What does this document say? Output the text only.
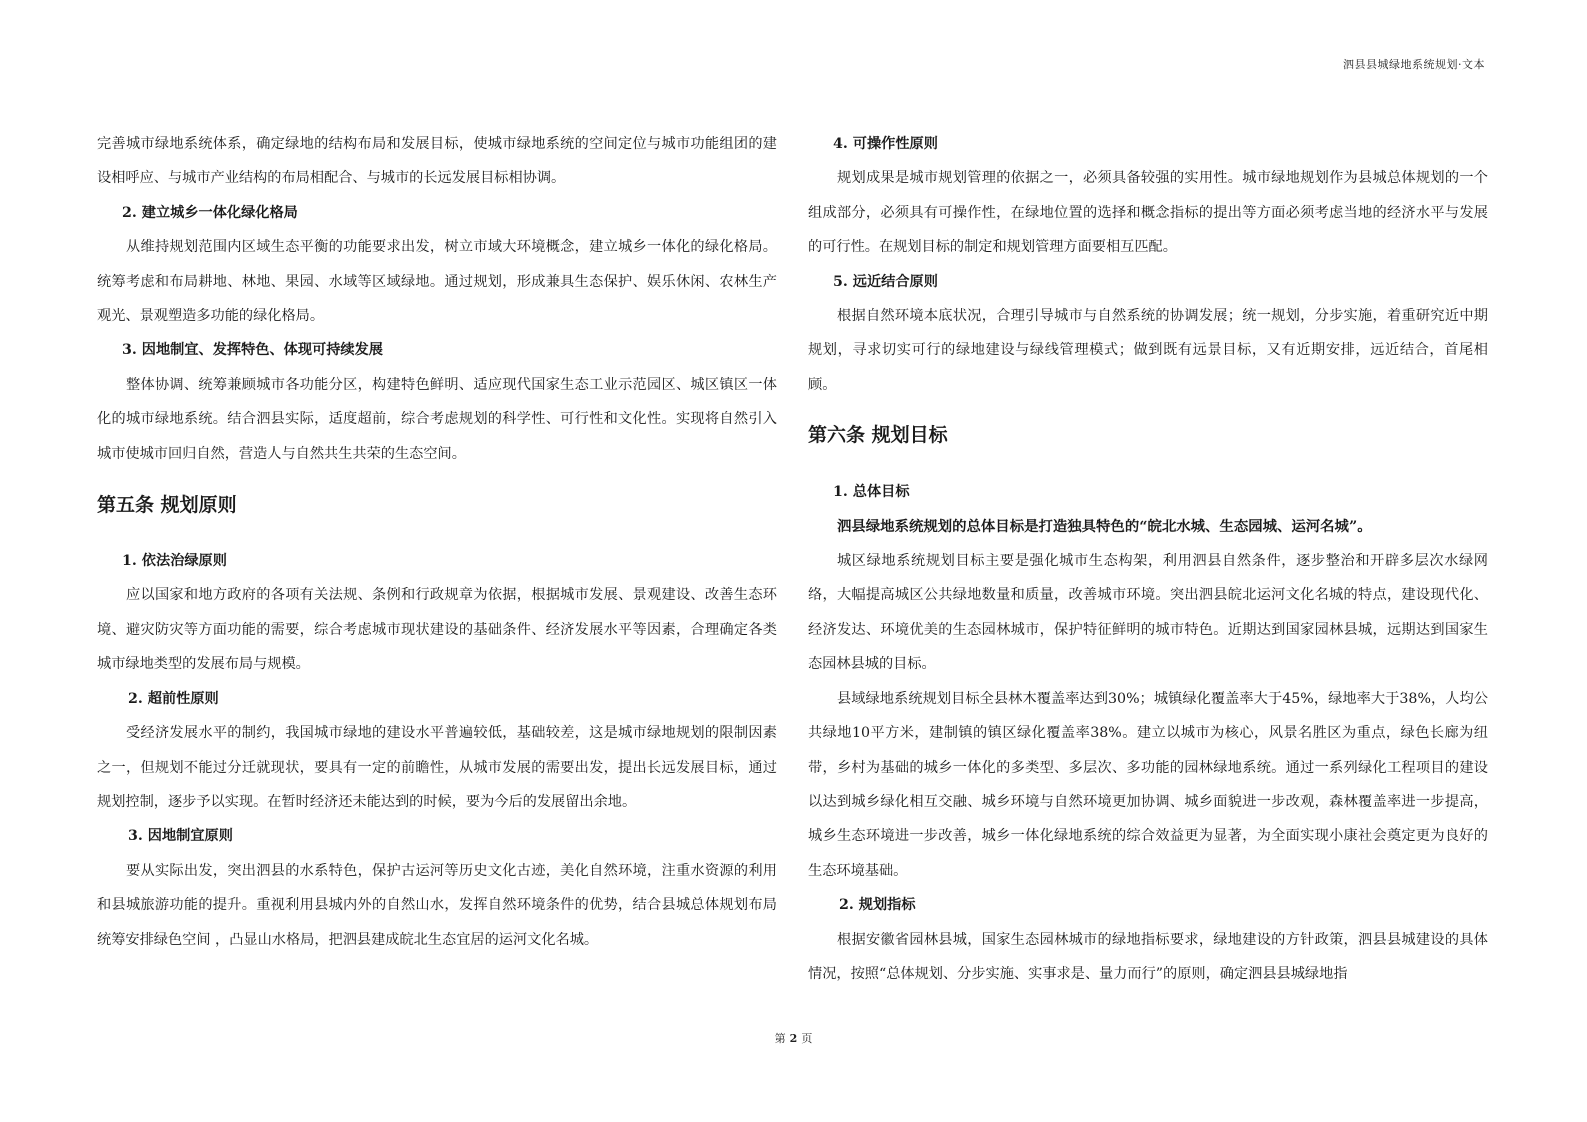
泗县县城绿地系统规划·文本

完善城市绿地系统体系，确定绿地的结构布局和发展目标，使城市绿地系统的空间定位与城市功能组团的建设相呼应、与城市产业结构的布局相配合、与城市的长远发展目标相协调。

2. 建立城乡一体化绿化格局

从维持规划范围内区域生态平衡的功能要求出发，树立市域大环境概念，建立城乡一体化的绿化格局。统筹考虑和布局耕地、林地、果园、水域等区域绿地。通过规划，形成兼具生态保护、娱乐休闲、农林生产观光、景观塑造多功能的绿化格局。

3. 因地制宜、发挥特色、体现可持续发展

整体协调、统筹兼顾城市各功能分区，构建特色鲜明、适应现代国家生态工业示范园区、城区镇区一体化的城市绿地系统。结合泗县实际，适度超前，综合考虑规划的科学性、可行性和文化性。实现将自然引入城市使城市回归自然，营造人与自然共生共荣的生态空间。

第五条 规划原则

1. 依法治绿原则

应以国家和地方政府的各项有关法规、条例和行政规章为依据，根据城市发展、景观建设、改善生态环境、避灾防灾等方面功能的需要，综合考虑城市现状建设的基础条件、经济发展水平等因素，合理确定各类城市绿地类型的发展布局与规模。

2. 超前性原则

受经济发展水平的制约，我国城市绿地的建设水平普遍较低，基础较差，这是城市绿地规划的限制因素之一，但规划不能过分迁就现状，要具有一定的前瞻性，从城市发展的需要出发，提出长远发展目标，通过规划控制，逐步予以实现。在暂时经济还未能达到的时候，要为今后的发展留出余地。

3. 因地制宜原则

要从实际出发，突出泗县的水系特色，保护古运河等历史文化古迹，美化自然环境，注重水资源的利用和县城旅游功能的提升。重视利用县城内外的自然山水，发挥自然环境条件的优势，结合县城总体规划布局统筹安排绿色空间 ，凸显山水格局，把泗县建成皖北生态宜居的运河文化名城。

4. 可操作性原则

规划成果是城市规划管理的依据之一，必须具备较强的实用性。城市绿地规划作为县城总体规划的一个组成部分，必须具有可操作性，在绿地位置的选择和概念指标的提出等方面必须考虑当地的经济水平与发展的可行性。在规划目标的制定和规划管理方面要相互匹配。

5. 远近结合原则

根据自然环境本底状况，合理引导城市与自然系统的协调发展；统一规划，分步实施，着重研究近中期规划，寻求切实可行的绿地建设与绿线管理模式；做到既有远景目标，又有近期安排，远近结合，首尾相顾。

第六条 规划目标

1. 总体目标

泗县绿地系统规划的总体目标是打造独具特色的“皖北水城、生态园城、运河名城”。

城区绿地系统规划目标主要是强化城市生态构架，利用泗县自然条件，逐步整治和开辟多层次水绿网络，大幅提高城区公共绿地数量和质量，改善城市环境。突出泗县皖北运河文化名城的特点，建设现代化、经济发达、环境优美的生态园林城市，保护特征鲜明的城市特色。近期达到国家园林县城，远期达到国家生态园林县城的目标。

县域绿地系统规划目标全县林木覆盖率达到30%；城镇绿化覆盖率大于45%，绿地率大于38%，人均公共绿地10平方米，建制镇的镇区绿化覆盖率38%。建立以城市为核心，风景名胜区为重点，绿色长廊为纽带，乡村为基础的城乡一体化的多类型、多层次、多功能的园林绿地系统。通过一系列绿化工程项目的建设以达到城乡绿化相互交融、城乡环境与自然环境更加协调、城乡面貌进一步改观，森林覆盖率进一步提高，城乡生态环境进一步改善，城乡一体化绿地系统的综合效益更为显著，为全面实现小康社会奠定更为良好的生态环境基础。

2. 规划指标

根据安徽省园林县城，国家生态园林城市的绿地指标要求，绿地建设的方针政策，泗县县城建设的具体情况，按照“总体规划、分步实施、实事求是、量力而行”的原则，确定泗县县城绿地指

第 2 页
